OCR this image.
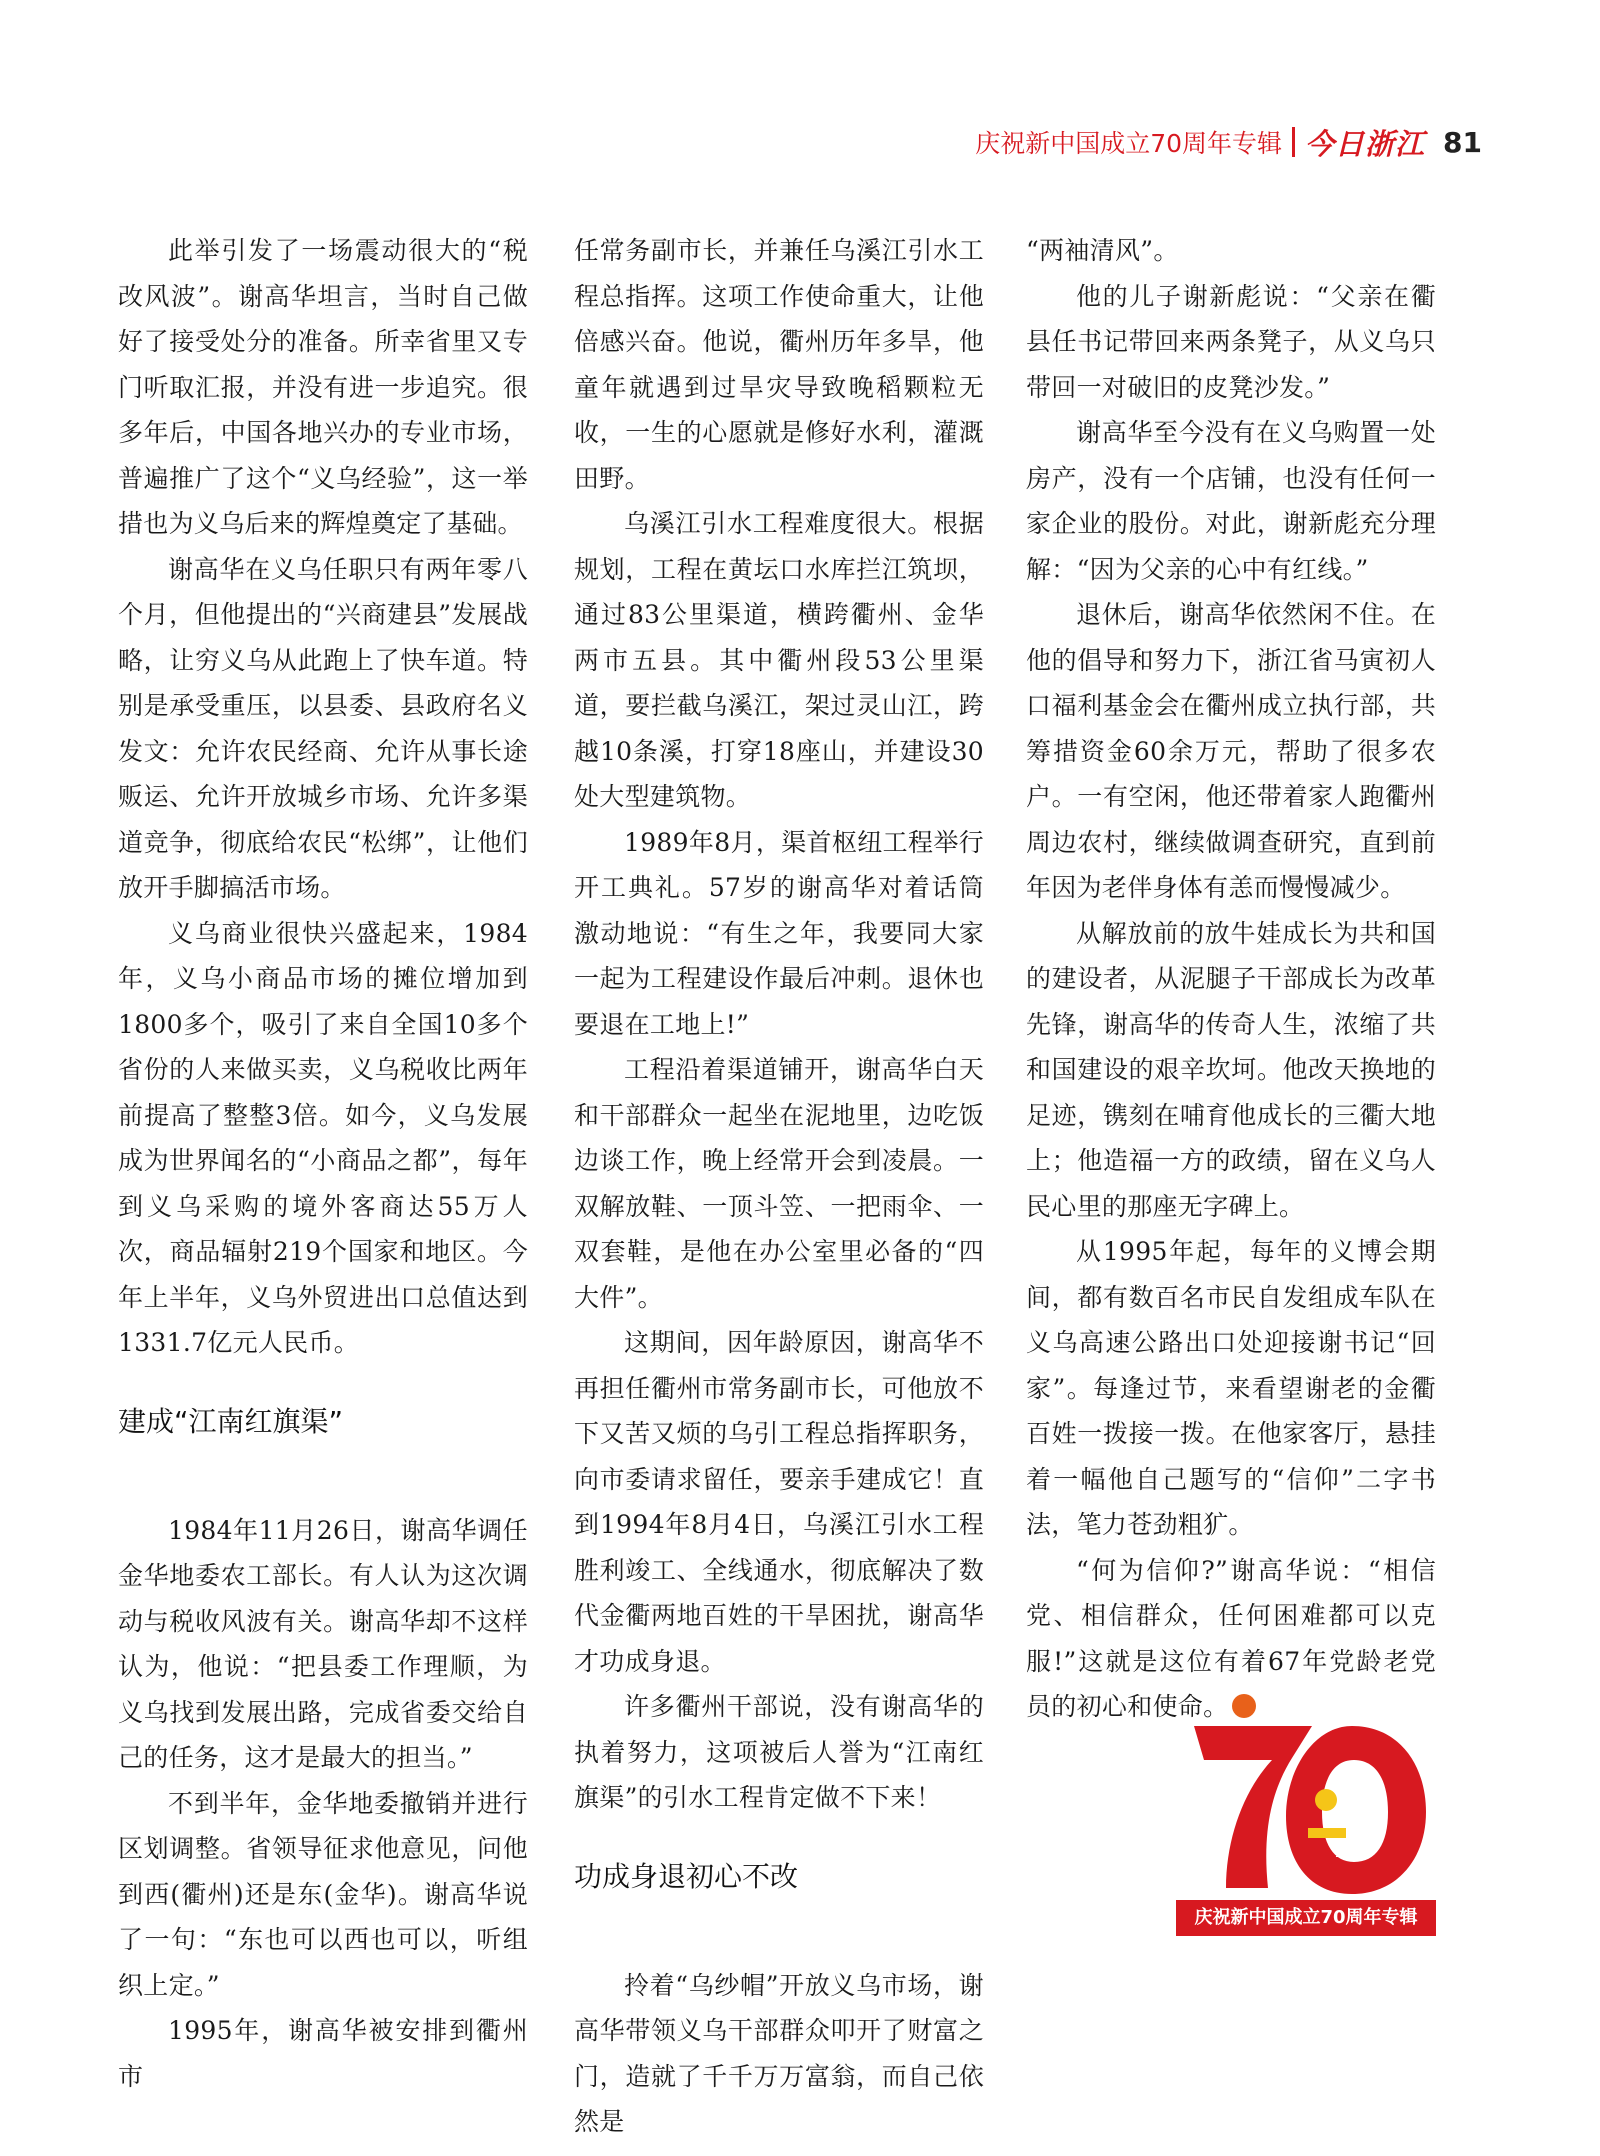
庆祝新中国成立70周年专辑 今日浙江 81

此举引发了一场震动很大的“税改风波”。谢高华坦言，当时自己做好了接受处分的准备。所幸省里又专门听取汇报，并没有进一步追究。很多年后，中国各地兴办的专业市场，普遍推广了这个“义乌经验”，这一举措也为义乌后来的辉煌奠定了基础。

谢高华在义乌任职只有两年零八个月，但他提出的“兴商建县”发展战略，让穷义乌从此跑上了快车道。特别是承受重压，以县委、县政府名义发文：允许农民经商、允许从事长途贩运、允许开放城乡市场、允许多渠道竞争，彻底给农民“松绑”，让他们放开手脚搞活市场。

义乌商业很快兴盛起来，1984年，义乌小商品市场的摊位增加到1800多个，吸引了来自全国10多个省份的人来做买卖，义乌税收比两年前提高了整整3倍。如今，义乌发展成为世界闻名的“小商品之都”，每年到义乌采购的境外客商达55万人次，商品辐射219个国家和地区。今年上半年，义乌外贸进出口总值达到1331.7亿元人民币。

建成“江南红旗渠”

1984年11月26日，谢高华调任金华地委农工部长。有人认为这次调动与税收风波有关。谢高华却不这样认为，他说：“把县委工作理顺，为义乌找到发展出路，完成省委交给自己的任务，这才是最大的担当。”

不到半年，金华地委撤销并进行区划调整。省领导征求他意见，问他到西(衢州)还是东(金华)。谢高华说了一句：“东也可以西也可以，听组织上定。”

1995年，谢高华被安排到衢州市

任常务副市长，并兼任乌溪江引水工程总指挥。这项工作使命重大，让他倍感兴奋。他说，衢州历年多旱，他童年就遇到过旱灾导致晚稻颗粒无收，一生的心愿就是修好水利，灌溉田野。

乌溪江引水工程难度很大。根据规划，工程在黄坛口水库拦江筑坝，通过83公里渠道，横跨衢州、金华两市五县。其中衢州段53公里渠道，要拦截乌溪江，架过灵山江，跨越10条溪，打穿18座山，并建设30处大型建筑物。

1989年8月，渠首枢纽工程举行开工典礼。57岁的谢高华对着话筒激动地说：“有生之年，我要同大家一起为工程建设作最后冲刺。退休也要退在工地上!”

工程沿着渠道铺开，谢高华白天和干部群众一起坐在泥地里，边吃饭边谈工作，晚上经常开会到凌晨。一双解放鞋、一顶斗笠、一把雨伞、一双套鞋，是他在办公室里必备的“四大件”。

这期间，因年龄原因，谢高华不再担任衢州市常务副市长，可他放不下又苦又烦的乌引工程总指挥职务，向市委请求留任，要亲手建成它！直到1994年8月4日，乌溪江引水工程胜利竣工、全线通水，彻底解决了数代金衢两地百姓的干旱困扰，谢高华才功成身退。

许多衢州干部说，没有谢高华的执着努力，这项被后人誉为“江南红旗渠”的引水工程肯定做不下来！

功成身退初心不改

拎着“乌纱帽”开放义乌市场，谢高华带领义乌干部群众叩开了财富之门，造就了千千万万富翁，而自己依然是

“两袖清风”。

他的儿子谢新彪说：“父亲在衢县任书记带回来两条凳子，从义乌只带回一对破旧的皮凳沙发。”

谢高华至今没有在义乌购置一处房产，没有一个店铺，也没有任何一家企业的股份。对此，谢新彪充分理解：“因为父亲的心中有红线。”

退休后，谢高华依然闲不住。在他的倡导和努力下，浙江省马寅初人口福利基金会在衢州成立执行部，共筹措资金60余万元，帮助了很多农户。一有空闲，他还带着家人跑衢州周边农村，继续做调查研究，直到前年因为老伴身体有恙而慢慢减少。

从解放前的放牛娃成长为共和国的建设者，从泥腿子干部成长为改革先锋，谢高华的传奇人生，浓缩了共和国建设的艰辛坎坷。他改天换地的足迹，镌刻在哺育他成长的三衢大地上；他造福一方的政绩，留在义乌人民心里的那座无字碑上。

从1995年起，每年的义博会期间，都有数百名市民自发组成车队在义乌高速公路出口处迎接谢书记“回家”。每逢过节，来看望谢老的金衢百姓一拨接一拨。在他家客厅，悬挂着一幅他自己题写的“信仰”二字书法，笔力苍劲粗犷。

“何为信仰?”谢高华说：“相信党、相信群众，任何困难都可以克服!”这就是这位有着67年党龄老党员的初心和使命。

1949 — 2019
庆祝新中国成立70周年专辑
